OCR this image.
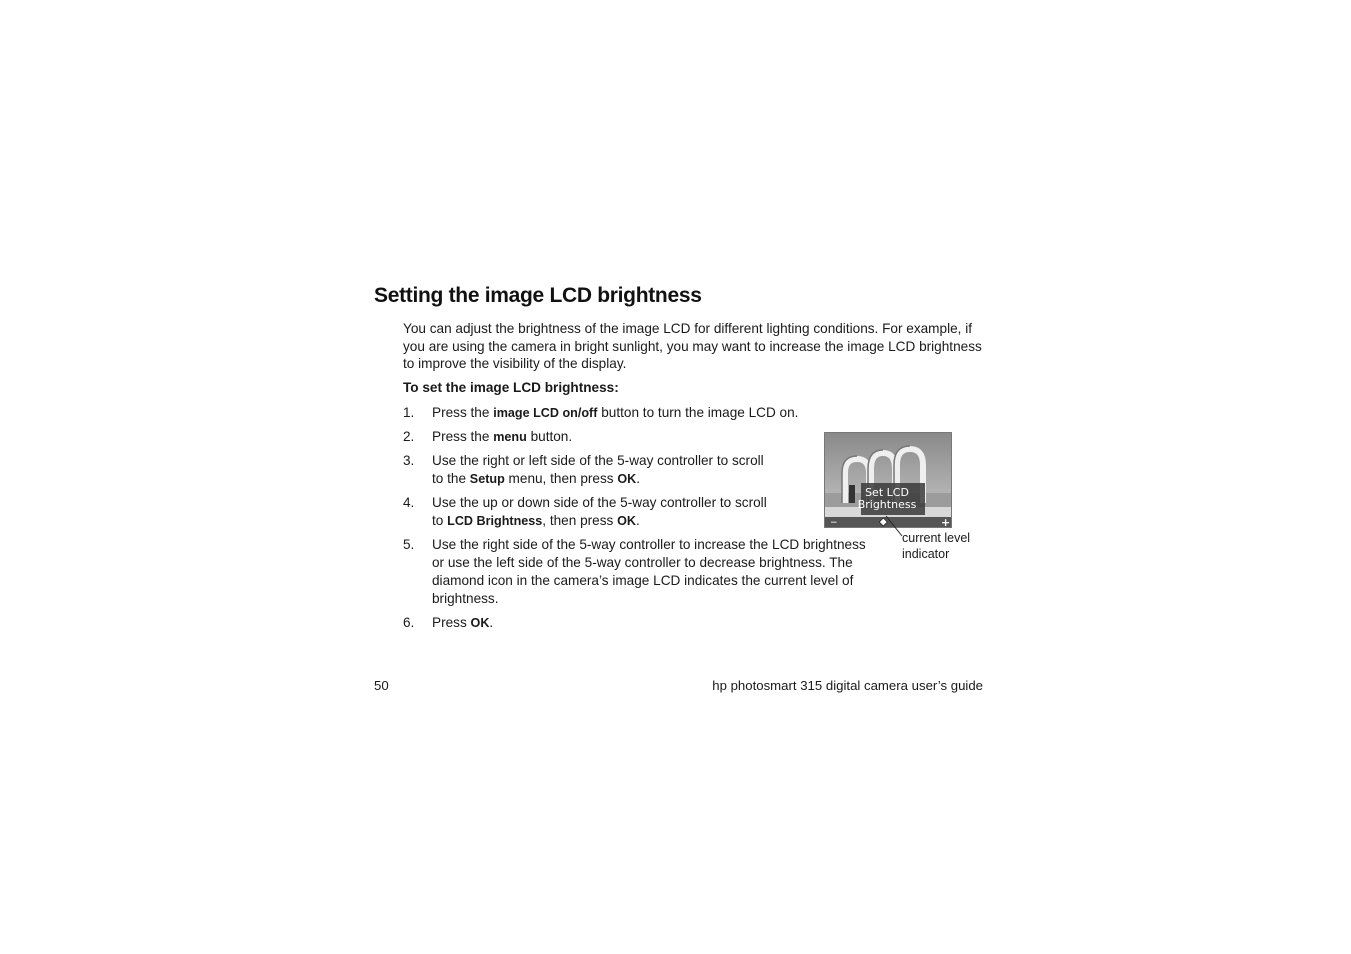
Setting the image LCD brightness

You can adjust the brightness of the image LCD for different lighting conditions. For example, if you are using the camera in bright sunlight, you may want to increase the image LCD brightness to improve the visibility of the display.

To set the image LCD brightness:

1. Press the image LCD on/off button to turn the image LCD on.
2. Press the menu button.
3. Use the right or left side of the 5-way controller to scroll to the Setup menu, then press OK.
4. Use the up or down side of the 5-way controller to scroll to LCD Brightness, then press OK.
5. Use the right side of the 5-way controller to increase the LCD brightness or use the left side of the 5-way controller to decrease brightness. The diamond icon in the camera’s image LCD indicates the current level of brightness.
6. Press OK.
Set LCD
Brightness
−	+

current level indicator

50	hp photosmart 315 digital camera user’s guide
